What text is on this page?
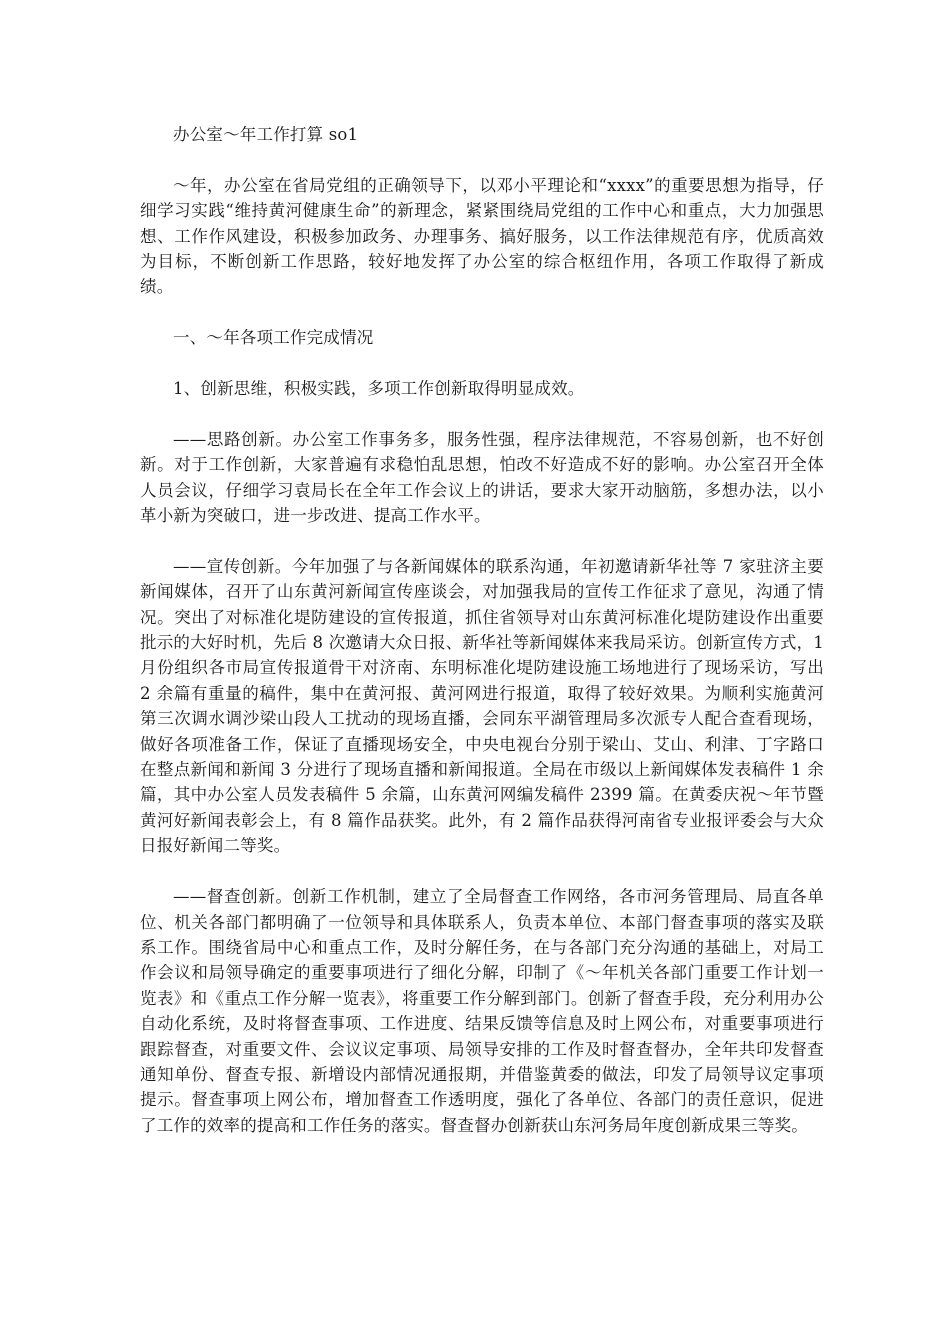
办公室～年工作打算 so1

～年，办公室在省局党组的正确领导下，以邓小平理论和“xxxx”的重要思想为指导，仔细学习实践“维持黄河健康生命”的新理念，紧紧围绕局党组的工作中心和重点，大力加强思想、工作作风建设，积极参加政务、办理事务、搞好服务，以工作法律规范有序，优质高效为目标，不断创新工作思路，较好地发挥了办公室的综合枢纽作用，各项工作取得了新成绩。

一、～年各项工作完成情况

1、创新思维，积极实践，多项工作创新取得明显成效。

——思路创新。办公室工作事务多，服务性强，程序法律规范，不容易创新，也不好创新。对于工作创新，大家普遍有求稳怕乱思想，怕改不好造成不好的影响。办公室召开全体人员会议，仔细学习袁局长在全年工作会议上的讲话，要求大家开动脑筋，多想办法，以小革小新为突破口，进一步改进、提高工作水平。

——宣传创新。今年加强了与各新闻媒体的联系沟通，年初邀请新华社等 7 家驻济主要新闻媒体，召开了山东黄河新闻宣传座谈会，对加强我局的宣传工作征求了意见，沟通了情况。突出了对标准化堤防建设的宣传报道，抓住省领导对山东黄河标准化堤防建设作出重要批示的大好时机，先后 8 次邀请大众日报、新华社等新闻媒体来我局采访。创新宣传方式，1 月份组织各市局宣传报道骨干对济南、东明标准化堤防建设施工场地进行了现场采访，写出 2 余篇有重量的稿件，集中在黄河报、黄河网进行报道，取得了较好效果。为顺利实施黄河第三次调水调沙梁山段人工扰动的现场直播，会同东平湖管理局多次派专人配合查看现场，做好各项准备工作，保证了直播现场安全，中央电视台分别于梁山、艾山、利津、丁字路口在整点新闻和新闻 3 分进行了现场直播和新闻报道。全局在市级以上新闻媒体发表稿件 1 余篇，其中办公室人员发表稿件 5 余篇，山东黄河网编发稿件 2399 篇。在黄委庆祝～年节暨黄河好新闻表彰会上，有 8 篇作品获奖。此外，有 2 篇作品获得河南省专业报评委会与大众日报好新闻二等奖。

——督查创新。创新工作机制，建立了全局督查工作网络，各市河务管理局、局直各单位、机关各部门都明确了一位领导和具体联系人，负责本单位、本部门督查事项的落实及联系工作。围绕省局中心和重点工作，及时分解任务，在与各部门充分沟通的基础上，对局工作会议和局领导确定的重要事项进行了细化分解，印制了《～年机关各部门重要工作计划一览表》和《重点工作分解一览表》，将重要工作分解到部门。创新了督查手段，充分利用办公自动化系统，及时将督查事项、工作进度、结果反馈等信息及时上网公布，对重要事项进行跟踪督查，对重要文件、会议议定事项、局领导安排的工作及时督查督办，全年共印发督查通知单份、督查专报、新增设内部情况通报期，并借鉴黄委的做法，印发了局领导议定事项提示。督查事项上网公布，增加督查工作透明度，强化了各单位、各部门的责任意识，促进了工作的效率的提高和工作任务的落实。督查督办创新获山东河务局年度创新成果三等奖。
